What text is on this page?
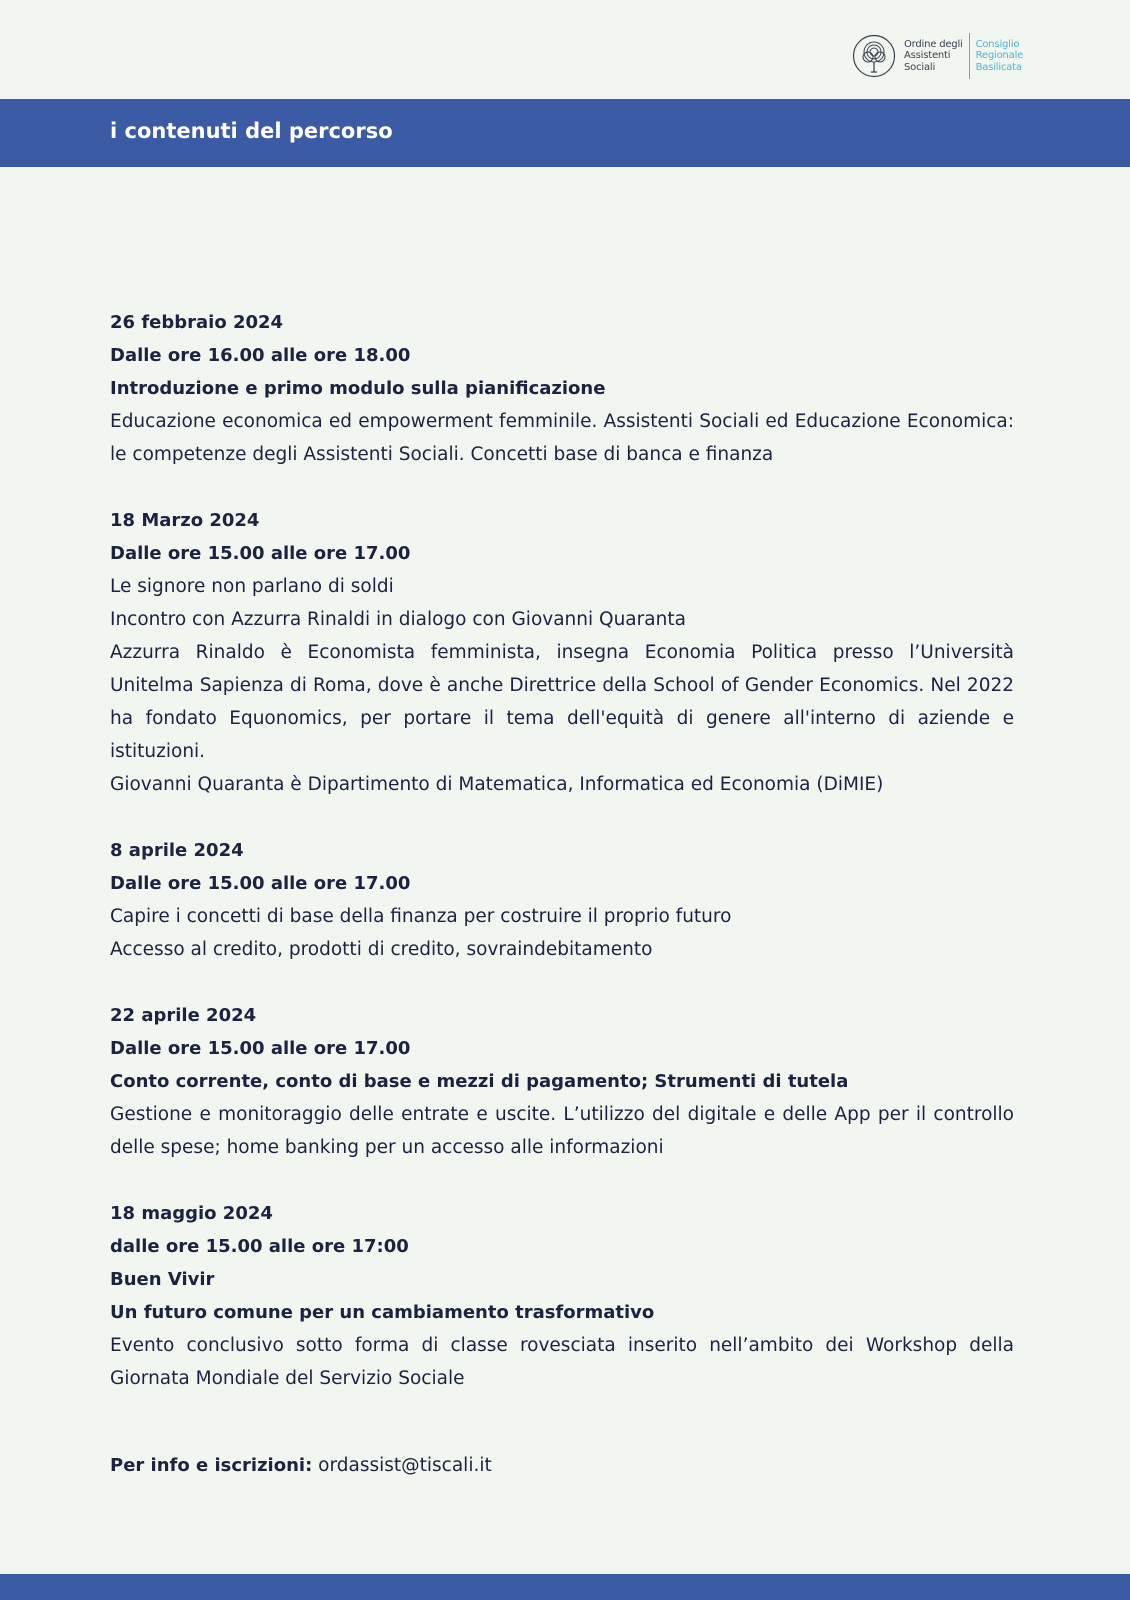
Ordine degli
Assistenti
Sociali
Consiglio
Regionale
Basilicata
i contenuti del percorso

26 febbraio 2024

Dalle ore 16.00 alle ore 18.00

Introduzione e primo modulo sulla pianificazione

Educazione economica ed empowerment femminile. Assistenti Sociali ed Educazione Economica: le competenze degli Assistenti Sociali. Concetti base di banca e finanza

18 Marzo 2024

Dalle ore 15.00 alle ore 17.00

Le signore non parlano di soldi

Incontro con Azzurra Rinaldi in dialogo con Giovanni Quaranta

Azzurra Rinaldo è Economista femminista, insegna Economia Politica presso l’Università Unitelma Sapienza di Roma, dove è anche Direttrice della School of Gender Economics. Nel 2022 ha fondato Equonomics, per portare il tema dell'equità di genere all'interno di aziende e istituzioni.

Giovanni Quaranta è Dipartimento di Matematica, Informatica ed Economia (DiMIE)

8 aprile 2024

Dalle ore 15.00 alle ore 17.00

Capire i concetti di base della finanza per costruire il proprio futuro

Accesso al credito, prodotti di credito, sovraindebitamento

22 aprile 2024

Dalle ore 15.00 alle ore 17.00

Conto corrente, conto di base e mezzi di pagamento; Strumenti di tutela

Gestione e monitoraggio delle entrate e uscite. L’utilizzo del digitale e delle App per il controllo delle spese; home banking per un accesso alle informazioni

18 maggio 2024

dalle ore 15.00 alle ore 17:00

Buen Vivir

Un futuro comune per un cambiamento trasformativo

Evento conclusivo sotto forma di classe rovesciata inserito nell’ambito dei Workshop della Giornata Mondiale del Servizio Sociale

Per info e iscrizioni: ordassist@tiscali.it
